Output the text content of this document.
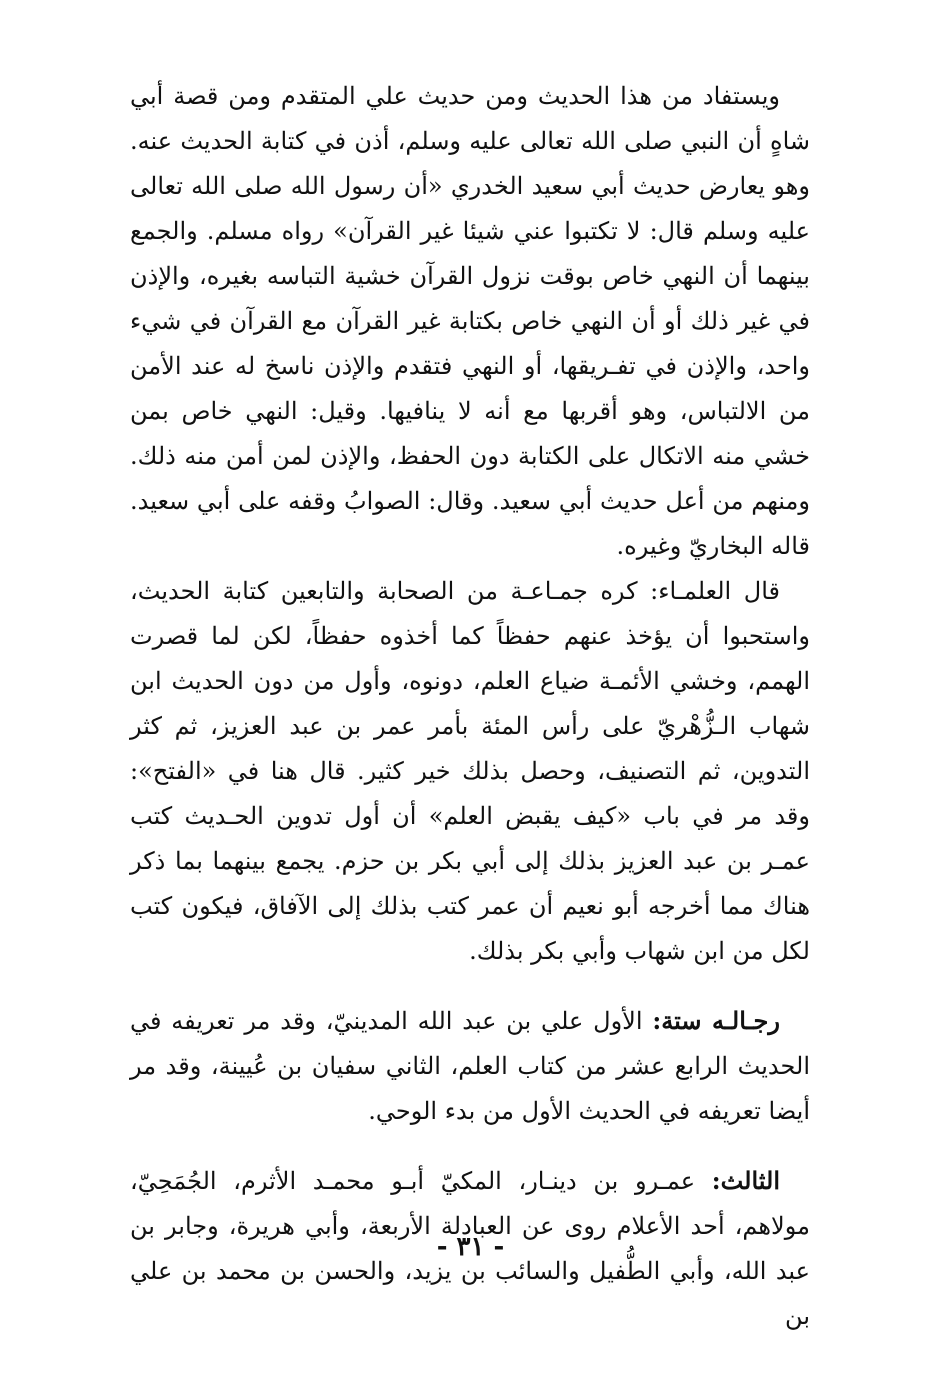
ويستفاد من هذا الحديث ومن حديث علي المتقدم ومن قصة أبي شاهٍ أن النبي صلى الله تعالى عليه وسلم، أذن في كتابة الحديث عنه. وهو يعارض حديث أبي سعيد الخدري «أن رسول الله صلى الله تعالى عليه وسلم قال: لا تكتبوا عني شيئا غير القرآن» رواه مسلم. والجمع بينهما أن النهي خاص بوقت نزول القرآن خشية التباسه بغيره، والإذن في غير ذلك أو أن النهي خاص بكتابة غير القرآن مع القرآن في شيء واحد، والإذن في تفـريقها، أو النهي فتقدم والإذن ناسخ له عند الأمن من الالتباس، وهو أقربها مع أنه لا ينافيها. وقيل: النهي خاص بمن خشي منه الاتكال على الكتابة دون الحفظ، والإذن لمن أمن منه ذلك. ومنهم من أعل حديث أبي سعيد. وقال: الصوابُ وقفه على أبي سعيد. قاله البخاريّ وغيره.

قال العلمـاء: كره جمـاعـة من الصحابة والتابعين كتابة الحديث، واستحبوا أن يؤخذ عنهم حفظاً كما أخذوه حفظاً، لكن لما قصرت الهمم، وخشي الأئمـة ضياع العلم، دونوه، وأول من دون الحديث ابن شهاب الـزُّهْريّ على رأس المئة بأمر عمر بن عبد العزيز، ثم كثر التدوين، ثم التصنيف، وحصل بذلك خير كثير. قال هنا في «الفتح»: وقد مر في باب «كيف يقبض العلم» أن أول تدوين الحـديث كتب عمـر بن عبد العزيز بذلك إلى أبي بكر بن حزم. يجمع بينهما بما ذكر هناك مما أخرجه أبو نعيم أن عمر كتب بذلك إلى الآفاق، فيكون كتب لكل من ابن شهاب وأبي بكر بذلك.

رجـالـه ستة: الأول علي بن عبد الله المدينيّ، وقد مر تعريفه في الحديث الرابع عشر من كتاب العلم، الثاني سفيان بن عُيينة، وقد مر أيضا تعريفه في الحديث الأول من بدء الوحي.

الثالث: عمـرو بن دينـار، المكيّ أبـو محمـد الأثرم، الجُمَحِيّ، مولاهم، أحد الأعلام روى عن العبادلة الأربعة، وأبي هريرة، وجابر بن عبد الله، وأبي الطُّفيل والسائب بن يزيد، والحسن بن محمد بن علي بن

- ٣١ -
